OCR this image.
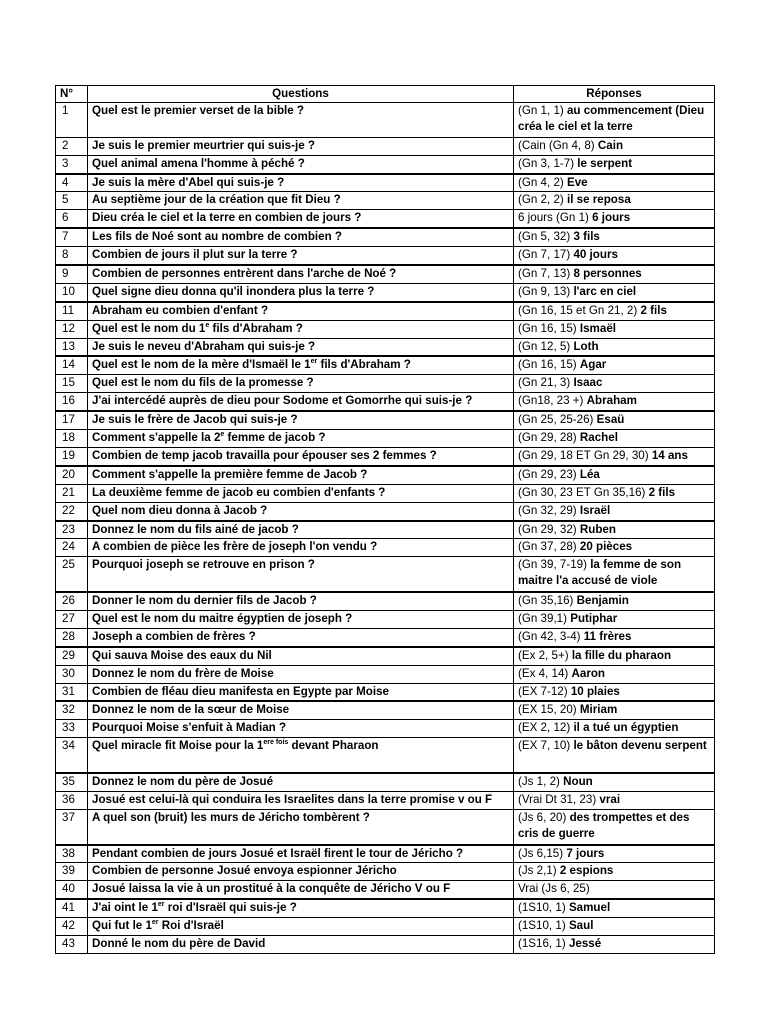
N°	Questions	Réponses
1	Quel est le premier verset de la bible ?	(Gn 1, 1) au commencement (Dieu créa le ciel et la terre
2	Je suis le premier meurtrier qui suis-je ?	(Cain (Gn 4, 8) Cain
3	Quel animal amena l'homme à péché ?	(Gn 3, 1-7) le serpent
4	Je suis la mère d'Abel qui suis-je ?	(Gn 4, 2) Eve
5	Au septième jour de la création que fit Dieu ?	(Gn 2, 2) il se reposa
6	Dieu créa le ciel et la terre en combien de jours ?	6 jours (Gn 1) 6 jours
7	Les fils de Noé sont au nombre de combien ?	(Gn 5, 32) 3 fils
8	Combien de jours il plut sur la terre ?	(Gn 7, 17) 40 jours
9	Combien de personnes entrèrent dans l'arche de Noé ?	(Gn 7, 13) 8 personnes
10	Quel signe dieu donna qu'il inondera plus la terre ?	(Gn 9, 13) l'arc en ciel
11	Abraham eu combien d'enfant ?	(Gn 16, 15 et Gn 21, 2) 2 fils
12	Quel est le nom du 1e fils d'Abraham ?	(Gn 16, 15) Ismaël
13	Je suis le neveu d'Abraham qui suis-je ?	(Gn 12, 5) Loth
14	Quel est le nom de la mère d'Ismaël le 1er fils d'Abraham ?	(Gn 16, 15) Agar
15	Quel est le nom du fils de la promesse ?	(Gn 21, 3) Isaac
16	J'ai intercédé auprès de dieu pour Sodome et Gomorrhe qui suis-je ?	(Gn18, 23 +) Abraham
17	Je suis le frère de Jacob qui suis-je ?	(Gn 25, 25-26) Esaü
18	Comment s'appelle la 2e femme de jacob ?	(Gn 29, 28) Rachel
19	Combien de temp jacob travailla pour épouser ses 2 femmes ?	(Gn 29, 18 ET Gn 29, 30) 14 ans
20	Comment s'appelle la première femme de Jacob ?	(Gn 29, 23) Léa
21	La deuxième femme de jacob eu combien d'enfants ?	(Gn 30, 23 ET Gn 35,16) 2 fils
22	Quel nom dieu donna à Jacob ?	(Gn 32, 29) Israël
23	Donnez le nom du fils ainé de jacob ?	(Gn 29, 32) Ruben
24	A combien de pièce les frère de joseph l'on vendu ?	(Gn 37, 28) 20 pièces
25	Pourquoi joseph se retrouve en prison ?	(Gn 39, 7-19) la femme de son maitre l'a accusé de viole
26	Donner le nom du dernier fils de Jacob ?	(Gn 35,16) Benjamin
27	Quel est le nom du maitre égyptien de joseph ?	(Gn 39,1) Putiphar
28	Joseph a combien de frères ?	(Gn 42, 3-4) 11 frères
29	Qui sauva Moise des eaux du Nil	(Ex 2, 5+) la fille du pharaon
30	Donnez le nom du frère de Moise	(Ex 4, 14) Aaron
31	Combien de fléau dieu manifesta en Egypte par Moise	(EX 7-12) 10 plaies
32	Donnez le nom de la sœur de Moise	(EX 15, 20) Miriam
33	Pourquoi Moise s'enfuit à Madian ?	(EX 2, 12) il a tué un égyptien
34	Quel miracle fit Moise pour la $1^{ere fois}$ devant Pharaon	(EX 7, 10) le bâton devenu serpent
35	Donnez le nom du père de Josué	(Js 1, 2) Noun
36	Josué est celui-là qui conduira les Israelites dans la terre promise v ou F	(Vrai Dt 31, 23) vrai
37	A quel son (bruit) les murs de Jéricho tombèrent ?	(Js 6, 20) des trompettes et des cris de guerre
38	Pendant combien de jours Josué et Israël firent le tour de Jéricho ?	(Js 6,15) 7 jours
39	Combien de personne Josué envoya espionner Jéricho	(Js 2,1) 2 espions
40	Josué laissa la vie à un prostitué à la conquête de Jéricho V ou F	Vrai (Js 6, 25)
41	J'ai oint le 1er roi d'Israël qui suis-je ?	(1S10, 1) Samuel
42	Qui fut le 1er Roi d'Israël	(1S10, 1) Saul
43	Donné le nom du père de David	(1S16, 1) Jessé
